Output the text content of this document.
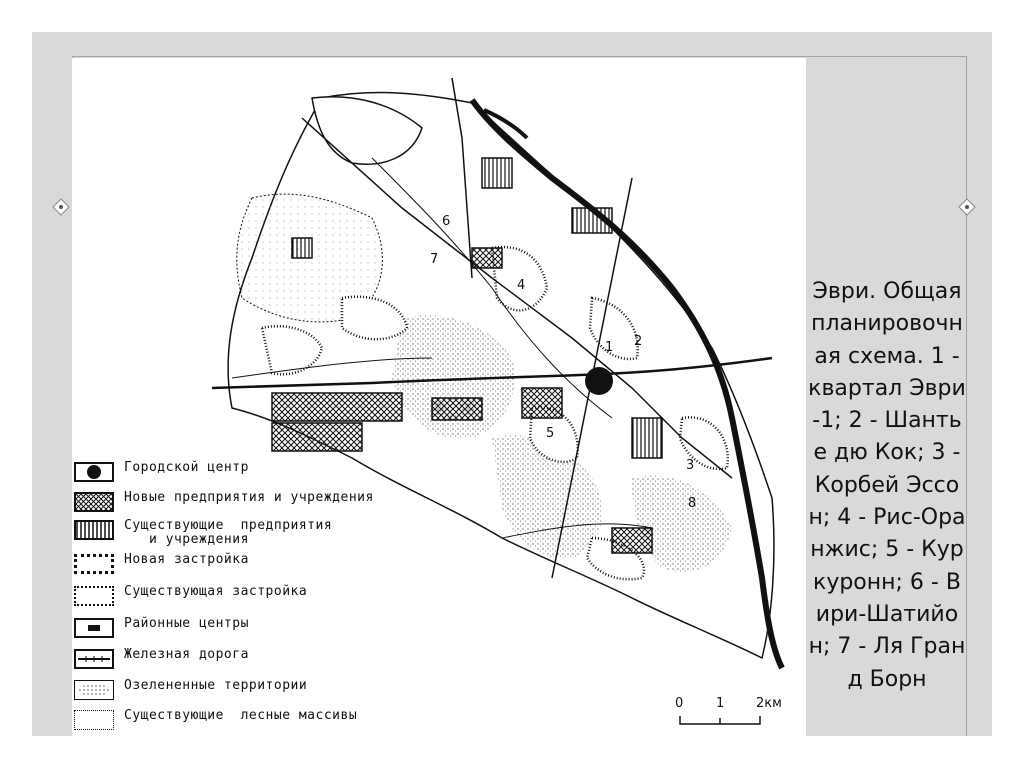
1 2
3
4
5
6
7
8
Городской центр
Новые предприятия и учреждения
Существующие  предприятия
и учреждения
Новая застройка
Существующая застройка
Районные центры
Железная дорога
Озелененные территории
Существующие  лесные массивы
0	1 2км
Эври. Общая планировочная схема. 1 - квартал Эври -1; 2 - Шантье дю Кок; 3 - Корбей Эссон; 4 - Рис-Оранжис; 5 - Куркуронн; 6 - Вири-Шатийон; 7 - Ля Гранд Борн
